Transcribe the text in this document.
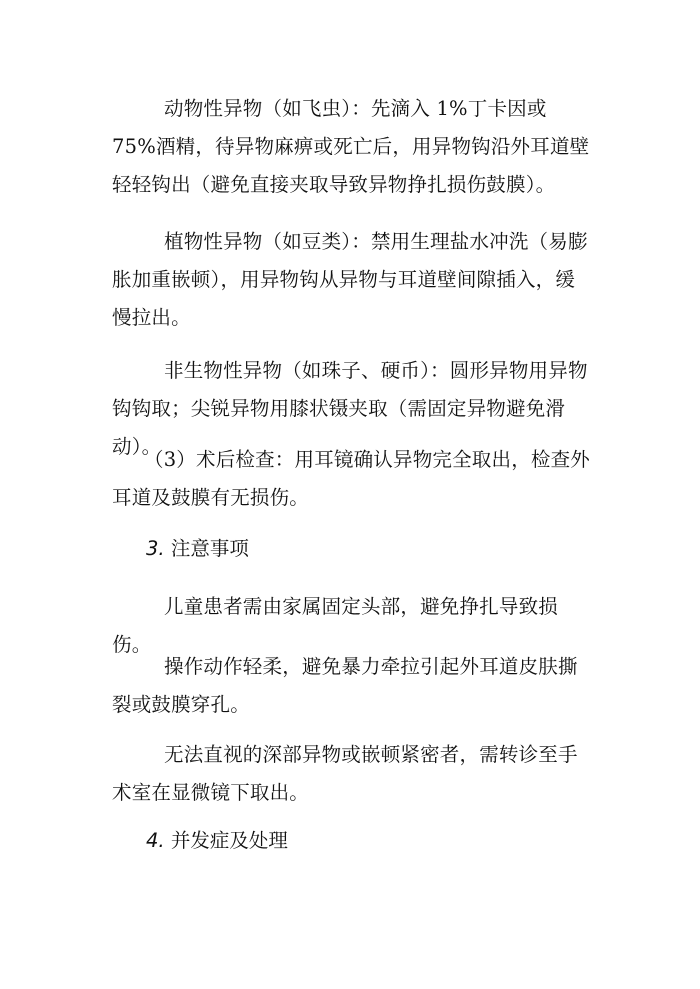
动物性异物（如飞虫）：先滴入 1%丁卡因或 75%酒精，待异物麻痹或死亡后，用异物钩沿外耳道壁轻轻钩出（避免直接夹取导致异物挣扎损伤鼓膜）。

植物性异物（如豆类）：禁用生理盐水冲洗（易膨胀加重嵌顿），用异物钩从异物与耳道壁间隙插入，缓慢拉出。

非生物性异物（如珠子、硬币）：圆形异物用异物钩钩取；尖锐异物用膝状镊夹取（需固定异物避免滑动）。

（3）术后检查：用耳镜确认异物完全取出，检查外耳道及鼓膜有无损伤。

3. 注意事项

儿童患者需由家属固定头部，避免挣扎导致损伤。

操作动作轻柔，避免暴力牵拉引起外耳道皮肤撕裂或鼓膜穿孔。

无法直视的深部异物或嵌顿紧密者，需转诊至手术室在显微镜下取出。

4. 并发症及处理
